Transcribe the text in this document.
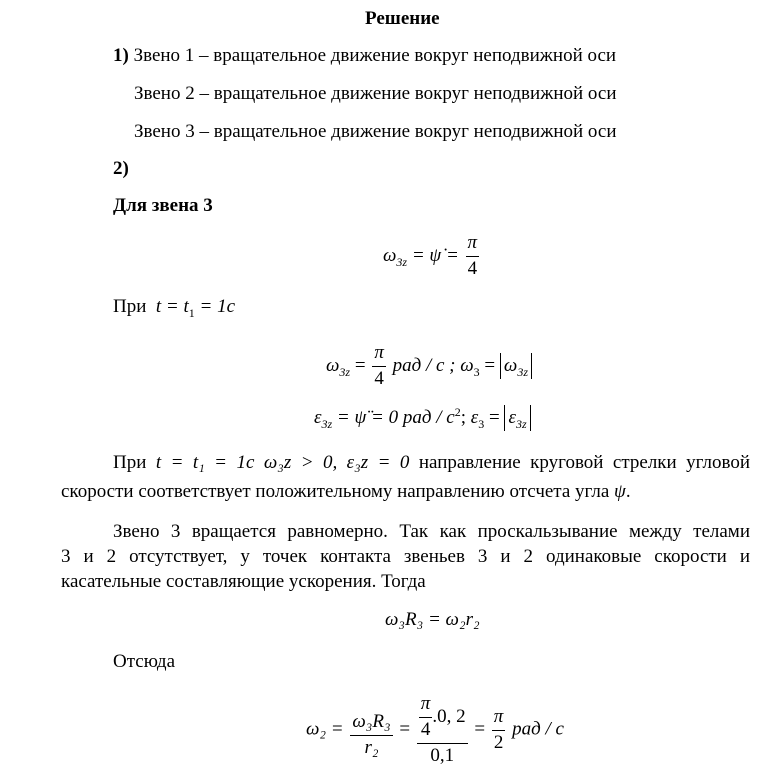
Решение
1) Звено 1 – вращательное движение вокруг неподвижной оси
Звено 2 – вращательное движение вокруг неподвижной оси
Звено 3 – вращательное движение вокруг неподвижной оси
2)
Для звена 3
$\omega_{3z}$ = ψ̇ = $\frac{\pi}{4}$
При $t = t_1 = 1c$
$\omega_{3z} = \frac{\pi}{4}$ рад / с ; $\omega_3 = \omega_{3z}$
$\varepsilon_{3z}$ = ψ̈ = 0 рад / $c^2$; $\varepsilon_3 = \varepsilon_{3z}$
При t = t₁ = 1c ω₃z > 0, ε₃z = 0 направление круговой стрелки угловой
скорости соответствует положительному направлению отсчета угла ψ.
Звено 3 вращается равномерно. Так как проскальзывание между телами
3 и 2 отсутствует, у точек контакта звеньев 3 и 2 одинаковые скорости и
касательные составляющие ускорения. Тогда
ω₃R₃ = ω₂r₂
Отсюда
$\omega_2 = \frac{\text{ω₃R₃}}{\text{r₂}} = \frac{\frac{\pi}{4} .0, 2}{0,1} = \frac{\pi}{2}$ рад / с
